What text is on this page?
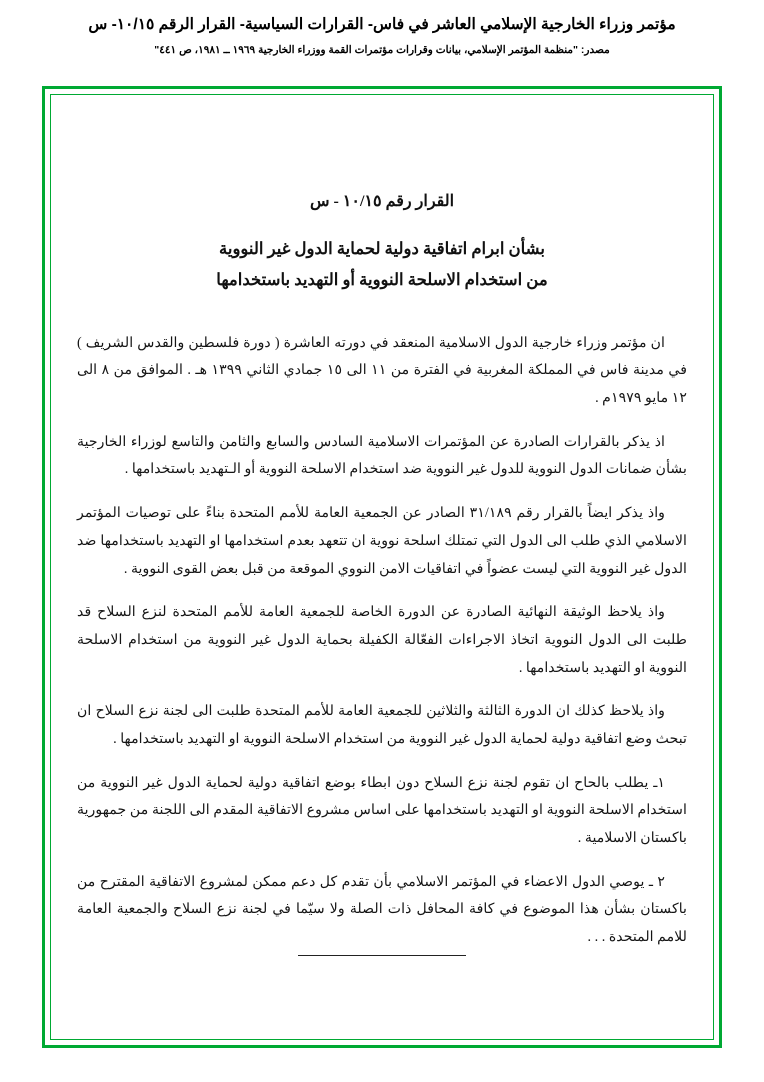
مؤتمر وزراء الخارجية الإسلامي العاشر في فاس- القرارات السياسية- القرار الرقم ١٠/١٥- س
مصدر: "منظمة المؤتمر الإسلامي، بيانات وقرارات مؤتمرات القمة ووزراء الخارجية ١٩٦٩ ــ ١٩٨١، ص ٤٤١"
القرار رقم ١٠/١٥ - س
بشأن ابرام اتفاقية دولية لحماية الدول غير النووية
من استخدام الاسلحة النووية أو التهديد باستخدامها

ان مؤتمر وزراء خارجية الدول الاسلامية المنعقد في دورته العاشرة ( دورة فلسطين والقدس الشريف ) في مدينة فاس في المملكة المغربية في الفترة من ١١ الى ١٥ جمادي الثاني ١٣٩٩ هـ . الموافق من ٨ الى ١٢ مايو ١٩٧٩م .

اذ يذكر بالقرارات الصادرة عن المؤتمرات الاسلامية السادس والسابع والثامن والتاسع لوزراء الخارجية بشأن ضمانات الدول النووية للدول غير النووية ضد استخدام الاسلحة النووية أو الـتهديد باستخدامها .

واذ يذكر ايضاً بالقرار رقم ٣١/١٨٩ الصادر عن الجمعية العامة للأمم المتحدة بناءً على توصيات المؤتمر الاسلامي الذي طلب الى الدول التي تمتلك اسلحة نووية ان تتعهد بعدم استخدامها او التهديد باستخدامها ضد الدول غير النووية التي ليست عضواً في اتفاقيات الامن النووي الموقعة من قبل بعض القوى النووية .

واذ يلاحظ الوثيقة النهائية الصادرة عن الدورة الخاصة للجمعية العامة للأمم المتحدة لنزع السلاح قد طلبت الى الدول النووية اتخاذ الاجراءات الفعّالة الكفيلة بحماية الدول غير النووية من استخدام الاسلحة النووية او التهديد باستخدامها .

واذ يلاحظ كذلك ان الدورة الثالثة والثلاثين للجمعية العامة للأمم المتحدة طلبت الى لجنة نزع السلاح ان تبحث وضع اتفاقية دولية لحماية الدول غير النووية من استخدام الاسلحة النووية او التهديد باستخدامها .

١ـ يطلب بالحاح ان تقوم لجنة نزع السلاح دون ابطاء بوضع اتفاقية دولية لحماية الدول غير النووية من استخدام الاسلحة النووية او التهديد باستخدامها على اساس مشروع الاتفاقية المقدم الى اللجنة من جمهورية باكستان الاسلامية .

٢ ـ يوصي الدول الاعضاء في المؤتمر الاسلامي بأن تقدم كل دعم ممكن لمشروع الاتفاقية المقترح من باكستان بشأن هذا الموضوع في كافة المحافل ذات الصلة ولا سيّما في لجنة نزع السلاح والجمعية العامة للامم المتحدة . . .
